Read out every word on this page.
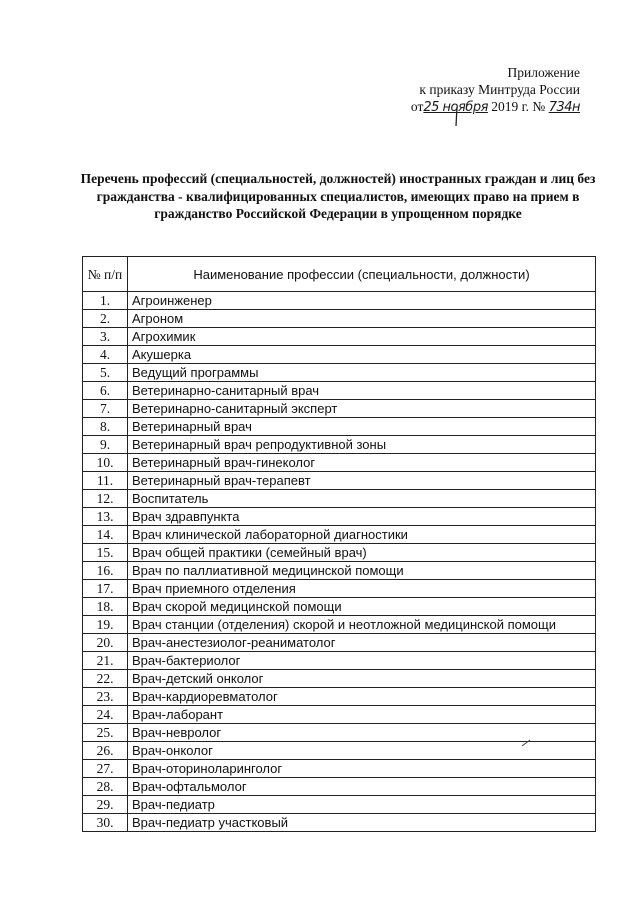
Приложение
к приказу Минтруда России
от25 ноября 2019 г. № 734н
Перечень профессий (специальностей, должностей) иностранных граждан и лиц без гражданства - квалифицированных специалистов, имеющих право на прием в гражданство Российской Федерации в упрощенном порядке
№ п/п	Наименование профессии (специальности, должности)
1.	Агроинженер
2.	Агроном
3.	Агрохимик
4.	Акушерка
5.	Ведущий программы
6.	Ветеринарно-санитарный врач
7.	Ветеринарно-санитарный эксперт
8.	Ветеринарный врач
9.	Ветеринарный врач репродуктивной зоны
10.	Ветеринарный врач-гинеколог
11.	Ветеринарный врач-терапевт
12.	Воспитатель
13.	Врач здравпункта
14.	Врач клинической лабораторной диагностики
15.	Врач общей практики (семейный врач)
16.	Врач по паллиативной медицинской помощи
17.	Врач приемного отделения
18.	Врач скорой медицинской помощи
19.	Врач станции (отделения) скорой и неотложной медицинской помощи
20.	Врач-анестезиолог-реаниматолог
21.	Врач-бактериолог
22.	Врач-детский онколог
23.	Врач-кардиоревматолог
24.	Врач-лаборант
25.	Врач-невролог
26.	Врач-онколог
27.	Врач-оториноларинголог
28.	Врач-офтальмолог
29.	Врач-педиатр
30.	Врач-педиатр участковый
